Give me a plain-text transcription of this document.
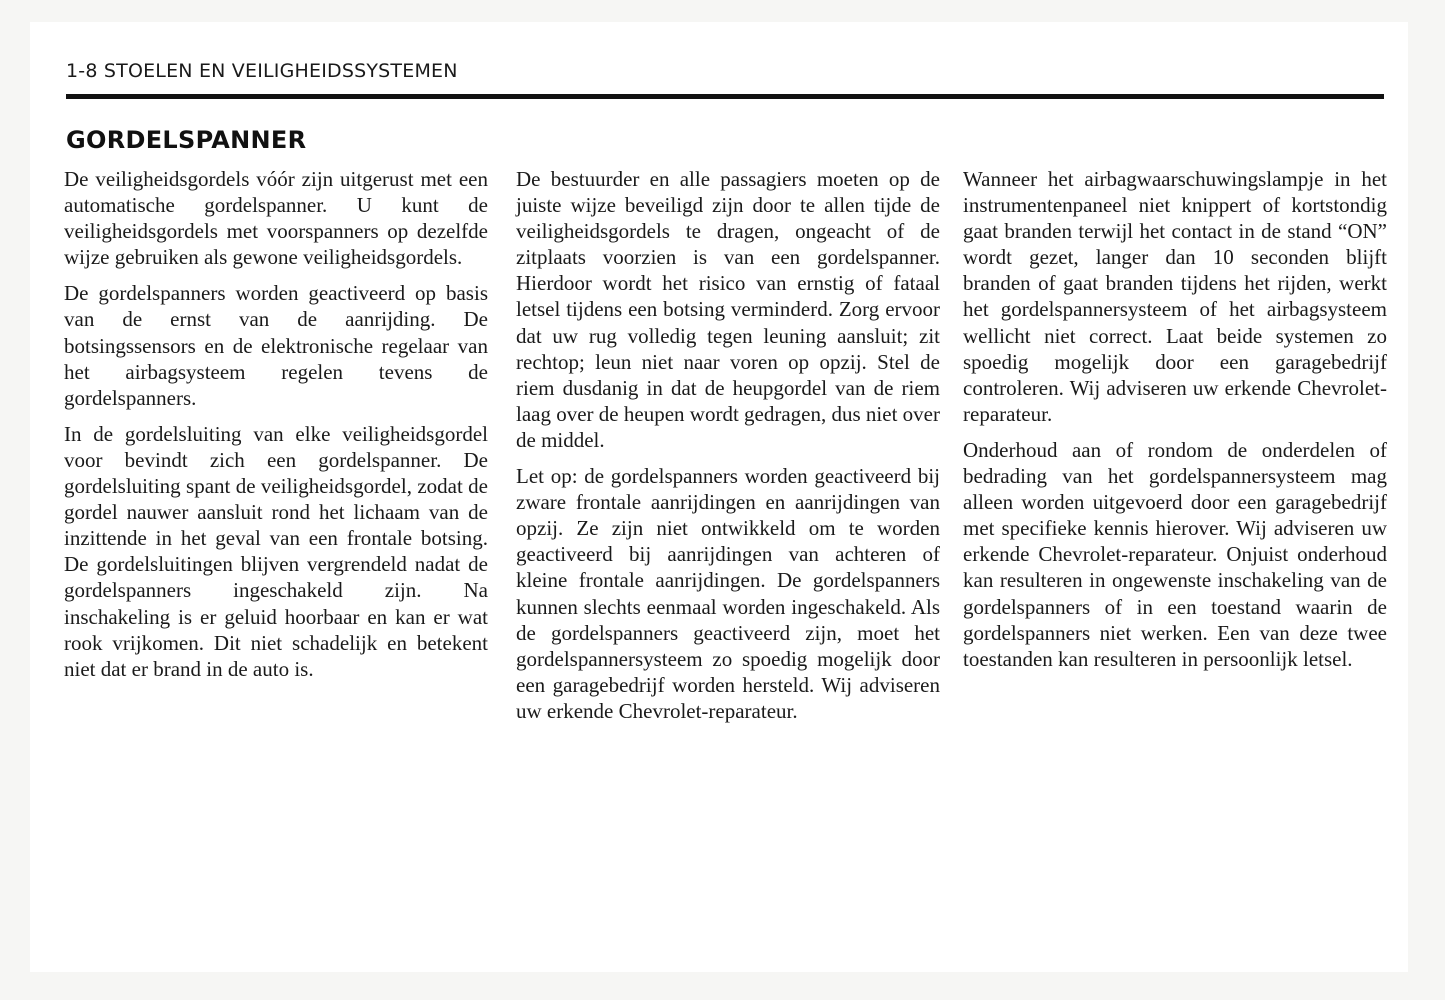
1-8 STOELEN EN VEILIGHEIDSSYSTEMEN
GORDELSPANNER

De veiligheidsgordels vóór zijn uitgerust met een automatische gordelspanner. U kunt de veiligheidsgordels met voorspanners op dezelfde wijze gebruiken als gewone veiligheidsgordels.

De gordelspanners worden geactiveerd op basis van de ernst van de aanrijding. De botsingssensors en de elektronische regelaar van het airbagsysteem regelen tevens de gordelspanners.

In de gordelsluiting van elke veiligheidsgordel voor bevindt zich een gordelspanner. De gordelsluiting spant de veiligheidsgordel, zodat de gordel nauwer aansluit rond het lichaam van de inzittende in het geval van een frontale botsing. De gordelsluitingen blijven vergrendeld nadat de gordelspanners ingeschakeld zijn. Na inschakeling is er geluid hoorbaar en kan er wat rook vrijkomen. Dit niet schadelijk en betekent niet dat er brand in de auto is.

De bestuurder en alle passagiers moeten op de juiste wijze beveiligd zijn door te allen tijde de veiligheidsgordels te dragen, ongeacht of de zitplaats voorzien is van een gordelspanner. Hierdoor wordt het risico van ernstig of fataal letsel tijdens een botsing verminderd. Zorg ervoor dat uw rug volledig tegen leuning aansluit; zit rechtop; leun niet naar voren op opzij. Stel de riem dusdanig in dat de heupgordel van de riem laag over de heupen wordt gedragen, dus niet over de middel.

Let op: de gordelspanners worden geactiveerd bij zware frontale aanrijdingen en aanrijdingen van opzij. Ze zijn niet ontwikkeld om te worden geactiveerd bij aanrijdingen van achteren of kleine frontale aanrijdingen. De gordelspanners kunnen slechts eenmaal worden ingeschakeld. Als de gordelspanners geactiveerd zijn, moet het gordelspannersysteem zo spoedig mogelijk door een garagebedrijf worden hersteld. Wij adviseren uw erkende Chevrolet-reparateur.

Wanneer het airbagwaarschuwingslampje in het instrumentenpaneel niet knippert of kortstondig gaat branden terwijl het contact in de stand “ON” wordt gezet, langer dan 10 seconden blijft branden of gaat branden tijdens het rijden, werkt het gordelspannersysteem of het airbagsysteem wellicht niet correct. Laat beide systemen zo spoedig mogelijk door een garagebedrijf controleren. Wij adviseren uw erkende Chevrolet-reparateur.

Onderhoud aan of rondom de onderdelen of bedrading van het gordelspannersysteem mag alleen worden uitgevoerd door een garagebedrijf met specifieke kennis hierover. Wij adviseren uw erkende Chevrolet-reparateur. Onjuist onderhoud kan resulteren in ongewenste inschakeling van de gordelspanners of in een toestand waarin de gordelspanners niet werken. Een van deze twee toestanden kan resulteren in persoonlijk letsel.
